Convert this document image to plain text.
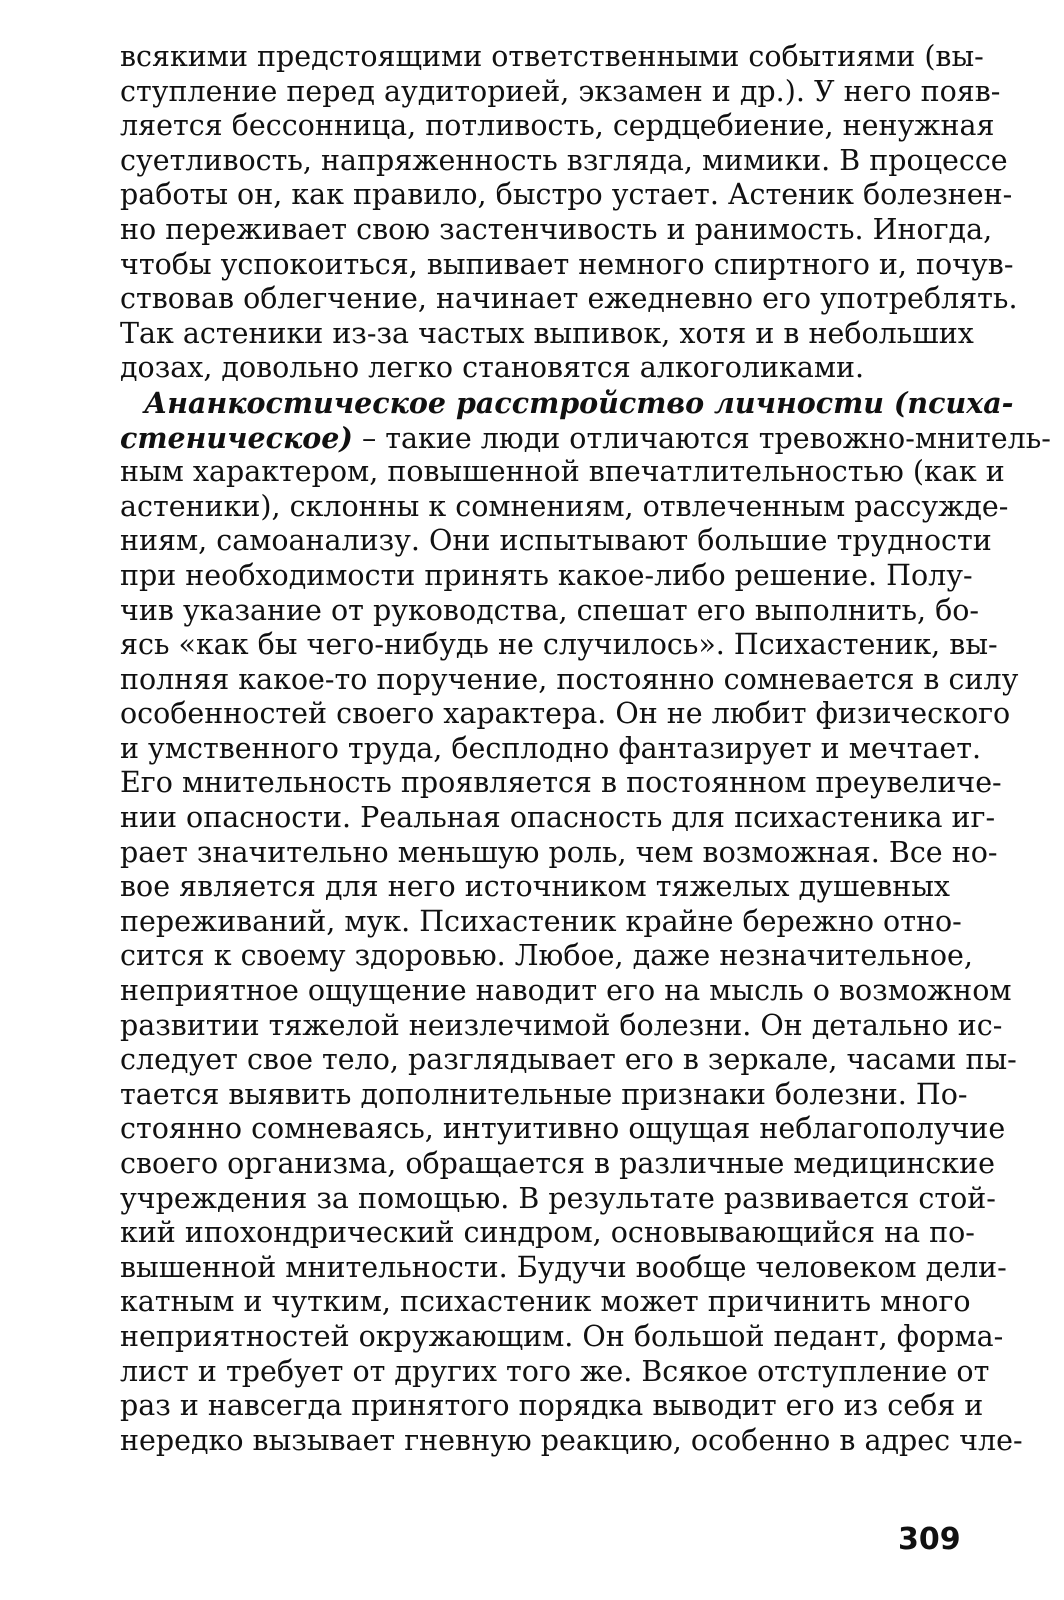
всякими предстоящими ответственными событиями (вы-
ступление перед аудиторией, экзамен и др.). У него появ-
ляется бессонница, потливость, сердцебиение, ненужная
суетливость, напряженность взгляда, мимики. В процессе
работы он, как правило, быстро устает. Астеник болезнен-
но переживает свою застенчивость и ранимость. Иногда,
чтобы успокоиться, выпивает немного спиртного и, почув-
ствовав облегчение, начинает ежедневно его употреблять.
Так астеники из-за частых выпивок, хотя и в небольших
дозах, довольно легко становятся алкоголиками.
Ананкостическое расстройство личности (психа-
стеническое) – такие люди отличаются тревожно-мнитель-
ным характером, повышенной впечатлительностью (как и
астеники), склонны к сомнениям, отвлеченным рассужде-
ниям, самоанализу. Они испытывают большие трудности
при необходимости принять какое-либо решение. Полу-
чив указание от руководства, спешат его выполнить, бо-
ясь «как бы чего-нибудь не случилось». Психастеник, вы-
полняя какое-то поручение, постоянно сомневается в силу
особенностей своего характера. Он не любит физического
и умственного труда, бесплодно фантазирует и мечтает.
Его мнительность проявляется в постоянном преувеличе-
нии опасности. Реальная опасность для психастеника иг-
рает значительно меньшую роль, чем возможная. Все но-
вое является для него источником тяжелых душевных
переживаний, мук. Психастеник крайне бережно отно-
сится к своему здоровью. Любое, даже незначительное,
неприятное ощущение наводит его на мысль о возможном
развитии тяжелой неизлечимой болезни. Он детально ис-
следует свое тело, разглядывает его в зеркале, часами пы-
тается выявить дополнительные признаки болезни. По-
стоянно сомневаясь, интуитивно ощущая неблагополучие
своего организма, обращается в различные медицинские
учреждения за помощью. В результате развивается стой-
кий ипохондрический синдром, основывающийся на по-
вышенной мнительности. Будучи вообще человеком дели-
катным и чутким, психастеник может причинить много
неприятностей окружающим. Он большой педант, форма-
лист и требует от других того же. Всякое отступление от
раз и навсегда принятого порядка выводит его из себя и
нередко вызывает гневную реакцию, особенно в адрес чле-
309
